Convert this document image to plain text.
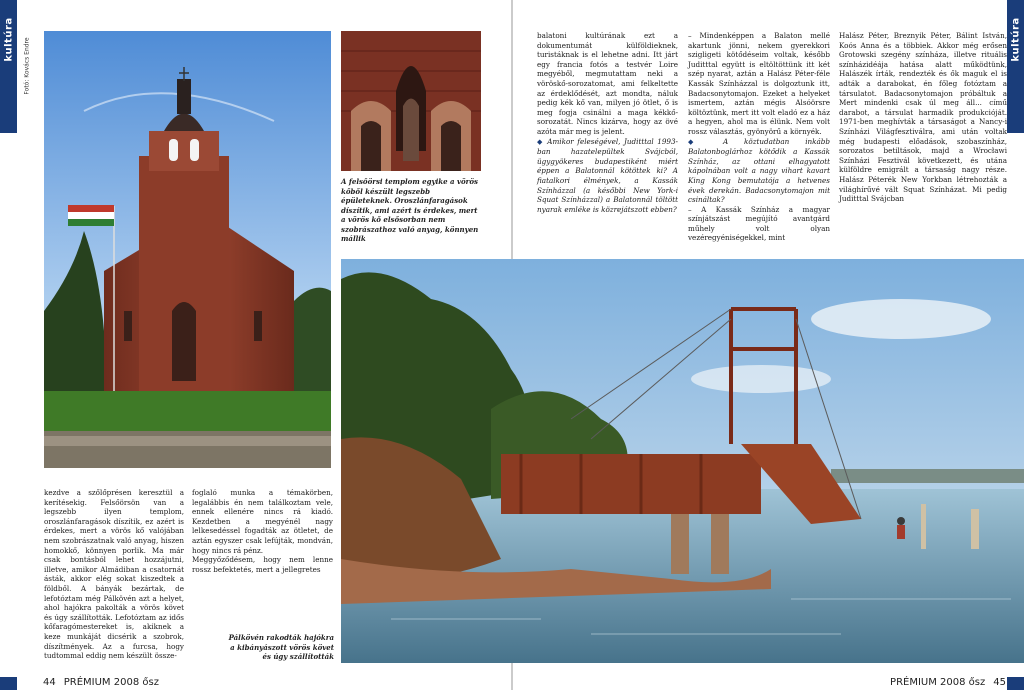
kultúra	kultúra
Fotó: Kovács Endre
A felsőörsi templom egyike a vörös kőből készült legszebb épületeknek. Oroszlánfaragások díszítik, ami azért is érdekes, mert a vörös kő elsősorban nem szobrászathoz való anyag, könnyen mállik

kezdve a szőlőprésen keresztül a kerítésekig. Felsőörsön van a legszebb ilyen templom, oroszlánfaragások díszítik, ez azért is érdekes, mert a vörös kő valójában nem szobrászatnak való anyag, hiszen homokkő, könnyen porlik. Ma már csak bontásból lehet hozzájutni, illetve, amikor Almádiban a csatornát ásták, akkor elég sokat kiszedtek a földből. A bányák bezártak, de lefotóztam még Pálkövén azt a helyet, ahol hajókra pakolták a vörös követ és úgy szállították. Lefotóztam az idős kőfaragómestereket is, akiknek a keze munkáját dicsérik a szobrok, díszítmények. Az a furcsa, hogy tudtommal eddig nem készült össze-

foglaló munka a témakörben, legalábbis én nem találkoztam vele, ennek ellenére nincs rá kiadó. Kezdetben a megyénél nagy lelkesedéssel fogadták az ötletet, de aztán egyszer csak lefújták, mondván, hogy nincs rá pénz.

Meggyőződésem, hogy nem lenne rossz befektetés, mert a jellegretes

Pálkövén rakodták hajókra a kibányászott vörös követ és úgy szállították

balatoni kultúrának ezt a dokumentumát külföldieknek, turistáknak is el lehetne adni. Itt járt egy francia fotós a testvér Loire megyéből, megmutattam neki a vöröskő-sorozatomat, ami felkeltette az érdeklődését, azt mondta, náluk pedig kék kő van, milyen jó ötlet, ő is meg fogja csinálni a maga kékkő-sorozatát. Nincs kizárva, hogy az övé azóta már meg is jelent.

◆ Amikor feleségével, Juditttal 1993-ban hazatelepültek Svájcból, ügygyökeres budapestiként miért éppen a Balatonnál kötöttek ki? A fiatalkori élmények, a Kassák Színházzal (a későbbi New York-i Squat Színházzal) a Balatonnál töltött nyarak emléke is közrejátszott ebben?

– Mindenképpen a Balaton mellé akartunk jönni, nekem gyerekkori szigligeti kötődéseim voltak, később Juditttal együtt is eltöltöttünk itt két szép nyarat, aztán a Halász Péter-féle Kassák Színházzal is dolgoztunk itt, Badacsonytomajon. Ezeket a helyeket ismertem, aztán mégis Alsóörsre költöztünk, mert itt volt eladó ez a ház a hegyen, ahol ma is élünk. Nem volt rossz választás, gyönyörű a környék.

◆ A köztudatban inkább Balatonboglárhoz kötődik a Kassák Színház, az ottani elhagyatott kápolnában volt a nagy vihart kavart King Kong bemutatója a hetvenes évek derekán. Badacsonytomajon mit csináltak?

– A Kassák Színház a magyar színjátszást megújító avantgárd műhely volt olyan vezéregyéniségekkel, mint

Halász Péter, Breznyik Péter, Bálint István, Koós Anna és a többiek. Akkor még erősen Grotowski szegény színháza, illetve rituális színházidéája hatása alatt működtünk, Halászék írták, rendezték és ők maguk el is adták a darabokat, én főleg fotóztam a társulatot. Badacsonytomajon próbáltuk a Mert mindenki csak úl meg áll... című darabot, a társulat harmadik produkcióját. 1971-ben meghívták a társaságot a Nancy-i Színházi Világfesztiválra, ami után voltak még budapesti előadások, szobaszínház, sorozatos betiltások, majd a Wrocławi Színházi Fesztivál következett, és utána külföldre emigrált a társaság nagy része. Halász Péterék New Yorkban létrehozták a világhírűvé vált Squat Színházat. Mi pedig Juditttal Svájcban

44 PRÉMIUM 2008 ősz	PRÉMIUM 2008 ősz 45
